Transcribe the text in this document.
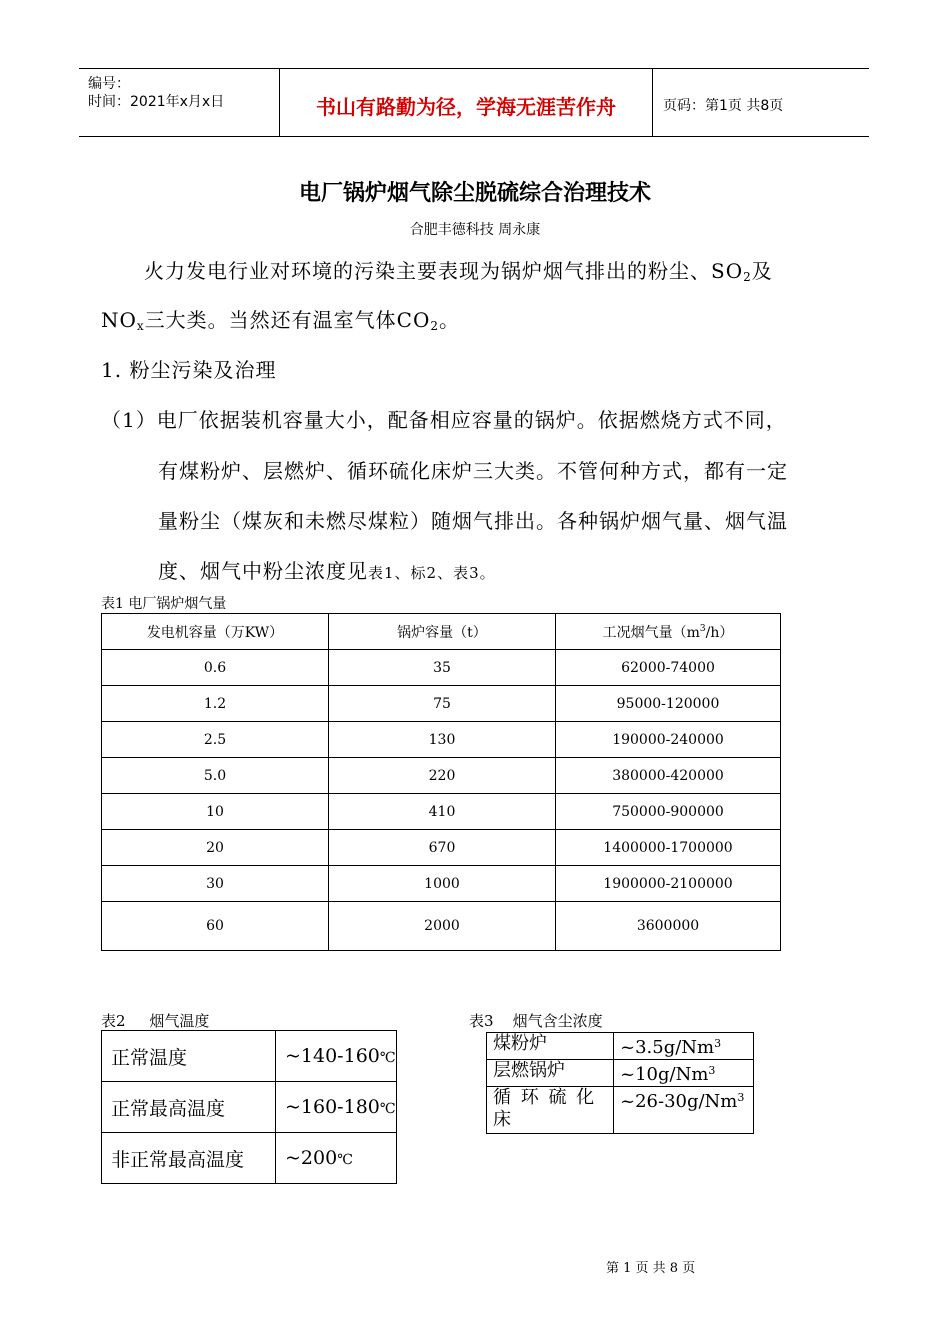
编号：
时间：2021年x月x日	书山有路勤为径，学海无涯苦作舟	页码：第1页 共8页
电厂锅炉烟气除尘脱硫综合治理技术
合肥丰德科技 周永康
火力发电行业对环境的污染主要表现为锅炉烟气排出的粉尘、$SO_2$及
$NO_x$三大类。当然还有温室气体$CO_2$。
1. 粉尘污染及治理
（1）电厂依据装机容量大小，配备相应容量的锅炉。依据燃烧方式不同，
有煤粉炉、层燃炉、循环硫化床炉三大类。不管何种方式，都有一定
量粉尘（煤灰和未燃尽煤粒）随烟气排出。各种锅炉烟气量、烟气温
度、烟气中粉尘浓度见表1、标2、表3。
表1 电厂锅炉烟气量
发电机容量（万KW）	锅炉容量（t）	工况烟气量$(m^3/h)$
0.6	35	62000-74000
1.2	75	95000-120000
2.5	130	190000-240000
5.0	220	380000-420000
10	410	750000-900000
20	670	1400000-1700000
30	1000	1900000-2100000
60	2000	3600000
表2     烟气温度
正常温度	~140-160℃
正常最高温度	~160-180℃
非正常最高温度	~200℃
表3    烟气含尘浓度
煤粉炉	~3.5g/Nm$^3$
层燃锅炉	~10g/Nm$^3$
循 环 硫 化 床	~26-30g/Nm$^3$
第 1 页 共 8 页
